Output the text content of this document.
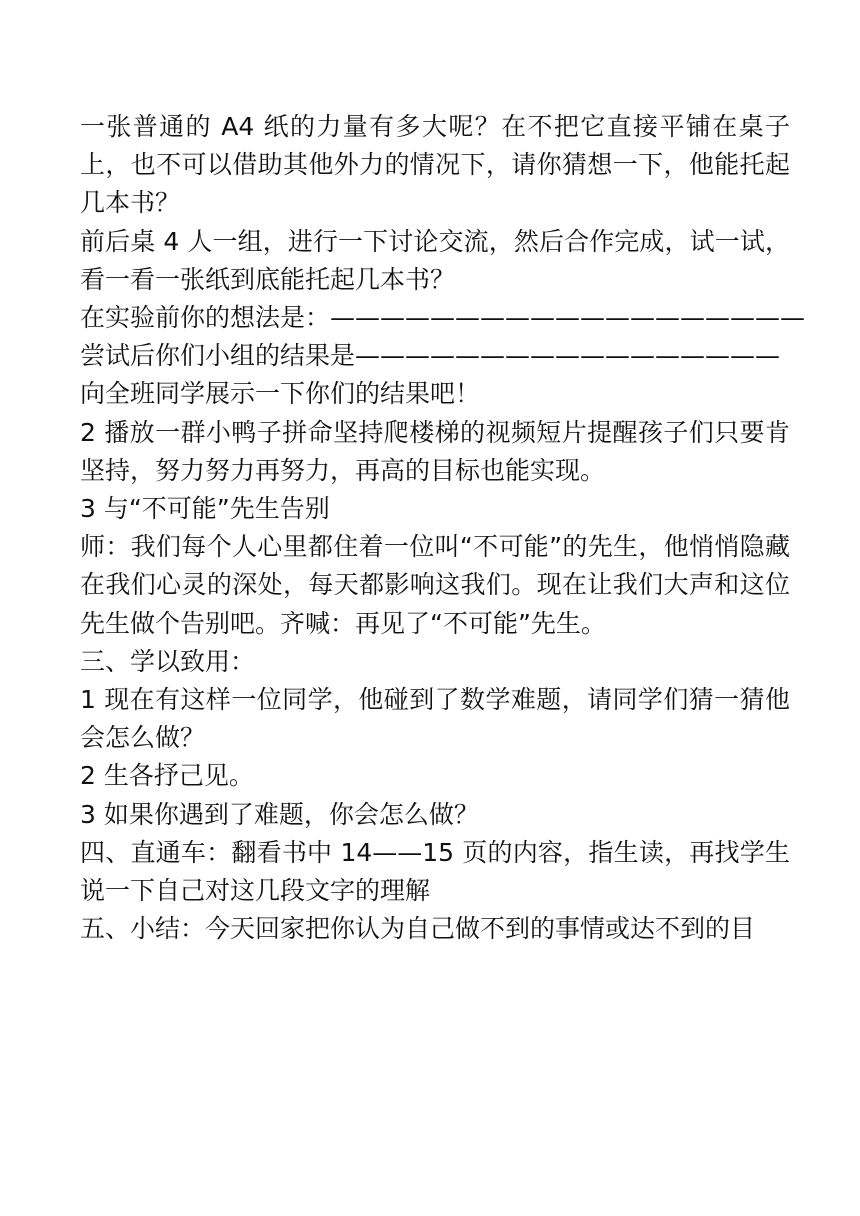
一张普通的 A4 纸的力量有多大呢？在不把它直接平铺在桌子上，也不可以借助其他外力的情况下，请你猜想一下，他能托起几本书？

前后桌 4 人一组，进行一下讨论交流，然后合作完成，试一试，看一看一张纸到底能托起几本书？

在实验前你的想法是：———————————————————

尝试后你们小组的结果是—————————————————

向全班同学展示一下你们的结果吧！

2 播放一群小鸭子拼命坚持爬楼梯的视频短片提醒孩子们只要肯坚持，努力努力再努力，再高的目标也能实现。

3 与“不可能”先生告别

师：我们每个人心里都住着一位叫“不可能”的先生，他悄悄隐藏在我们心灵的深处，每天都影响这我们。现在让我们大声和这位先生做个告别吧。齐喊：再见了“不可能”先生。

三、学以致用：

1 现在有这样一位同学，他碰到了数学难题，请同学们猜一猜他会怎么做？

2 生各抒己见。

3 如果你遇到了难题，你会怎么做？

四、直通车：翻看书中 14——15 页的内容，指生读，再找学生说一下自己对这几段文字的理解

五、小结：今天回家把你认为自己做不到的事情或达不到的目
